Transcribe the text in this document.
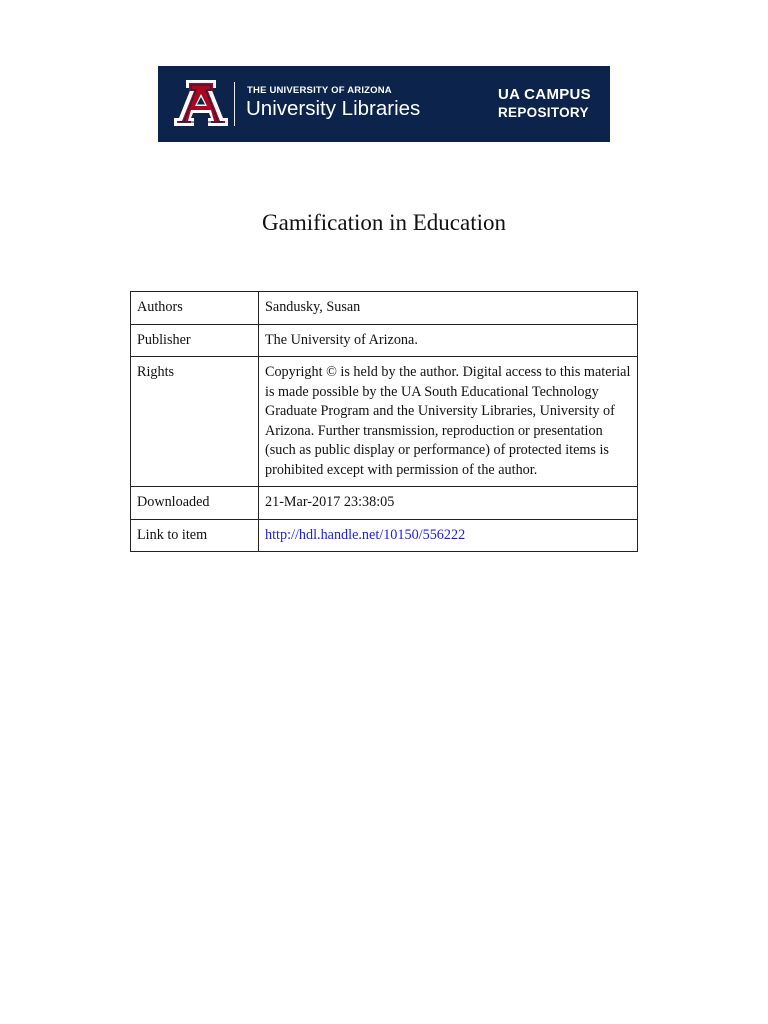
THE UNIVERSITY OF ARIZONA
University Libraries
UA CAMPUS
REPOSITORY
Gamification in Education
Authors	Sandusky, Susan
Publisher	The University of Arizona.
Rights	Copyright © is held by the author. Digital access to this material is made possible by the UA South Educational Technology Graduate Program and the University Libraries, University of Arizona. Further transmission, reproduction or presentation (such as public display or performance) of protected items is prohibited except with permission of the author.
Downloaded	21-Mar-2017 23:38:05
Link to item	http://hdl.handle.net/10150/556222
